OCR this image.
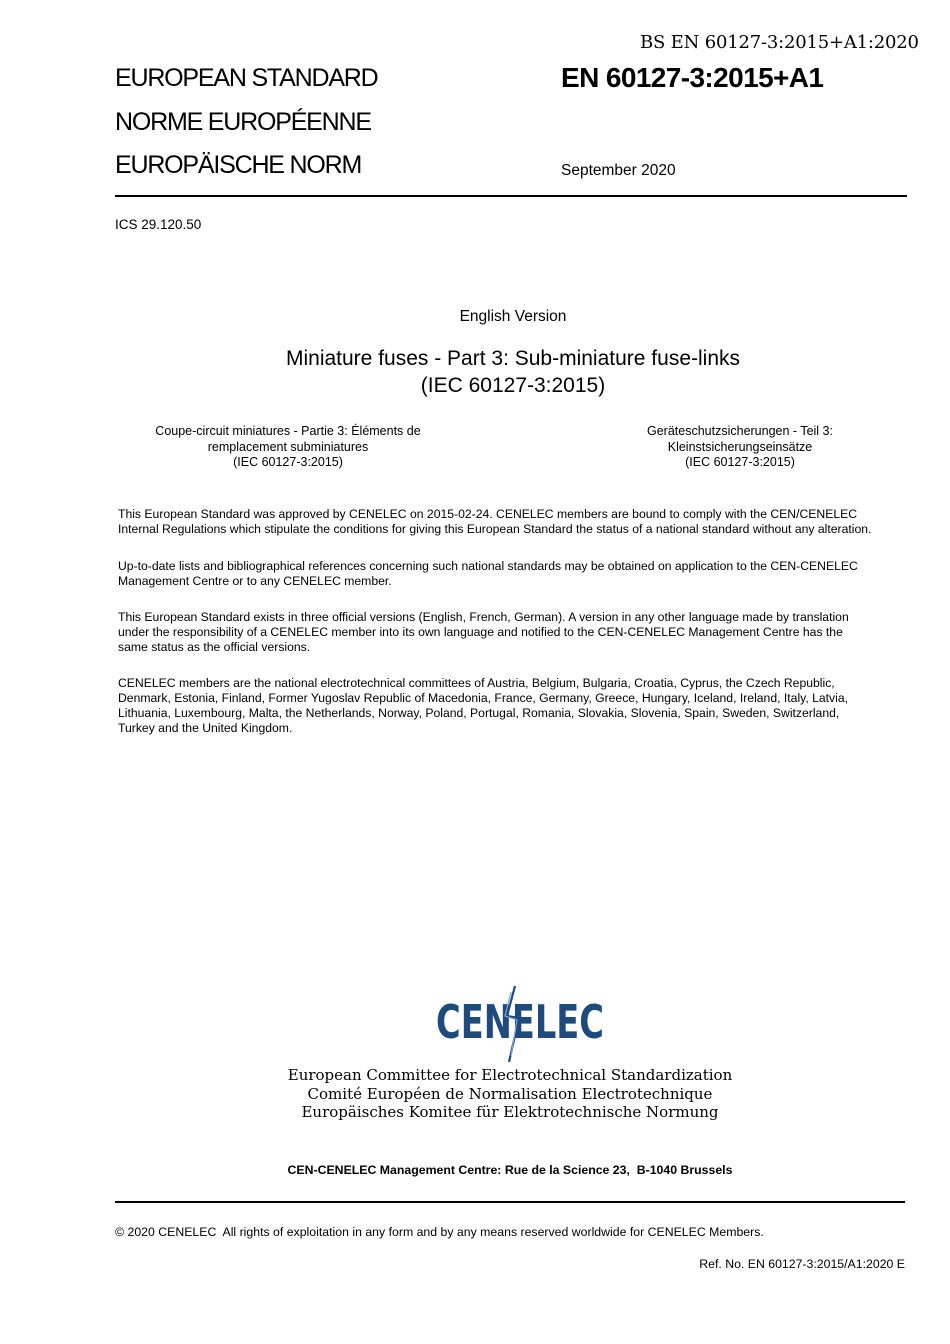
BS EN 60127-3:2015+A1:2020
EUROPEAN STANDARD
NORME EUROPÉENNE
EUROPÄISCHE NORM
EN 60127-3:2015+A1
September 2020
ICS 29.120.50
English Version
Miniature fuses - Part 3: Sub-miniature fuse-links
(IEC 60127-3:2015)
Coupe-circuit miniatures - Partie 3: Éléments de
remplacement subminiatures
(IEC 60127-3:2015)
Geräteschutzsicherungen - Teil 3:
Kleinstsicherungseinsätze
(IEC 60127-3:2015)

This European Standard was approved by CENELEC on 2015-02-24. CENELEC members are bound to comply with the CEN/CENELEC

Internal Regulations which stipulate the conditions for giving this European Standard the status of a national standard without any alteration.

Up-to-date lists and bibliographical references concerning such national standards may be obtained on application to the CEN-CENELEC

Management Centre or to any CENELEC member.

This European Standard exists in three official versions (English, French, German). A version in any other language made by translation

under the responsibility of a CENELEC member into its own language and notified to the CEN-CENELEC Management Centre has the

same status as the official versions.

CENELEC members are the national electrotechnical committees of Austria, Belgium, Bulgaria, Croatia, Cyprus, the Czech Republic,

Denmark, Estonia, Finland, Former Yugoslav Republic of Macedonia, France, Germany, Greece, Hungary, Iceland, Ireland, Italy, Latvia,

Lithuania, Luxembourg, Malta, the Netherlands, Norway, Poland, Portugal, Romania, Slovakia, Slovenia, Spain, Sweden, Switzerland,

Turkey and the United Kingdom.

CENELEC
European Committee for Electrotechnical Standardization
Comité Européen de Normalisation Electrotechnique
Europäisches Komitee für Elektrotechnische Normung
CEN-CENELEC Management Centre: Rue de la Science 23,  B-1040 Brussels
© 2020 CENELEC  All rights of exploitation in any form and by any means reserved worldwide for CENELEC Members.
Ref. No. EN 60127-3:2015/A1:2020 E
